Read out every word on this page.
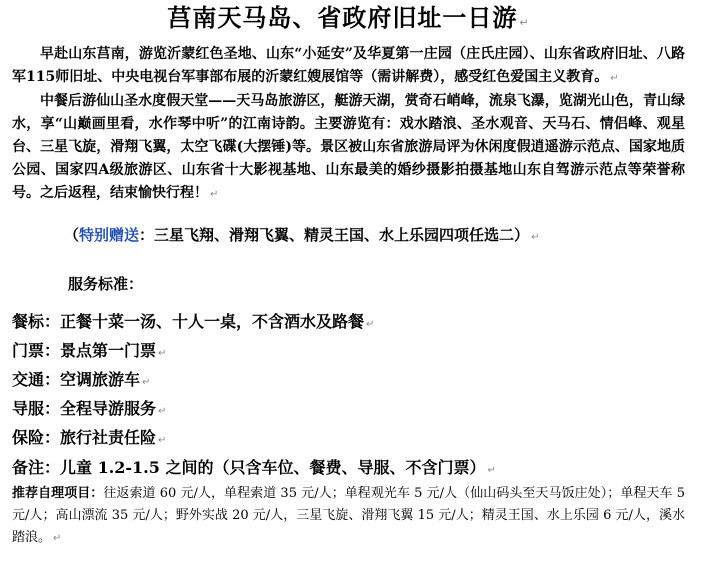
莒南天马岛、省政府旧址一日游 ↵

早赴山东莒南，游览沂蒙红色圣地、山东“小延安”及华夏第一庄园（庄氏庄园）、山东省政府旧址、八路军115师旧址、中央电视台军事部布展的沂蒙红嫂展馆等（需讲解费），感受红色爱国主义教育。 ↵

中餐后游仙山圣水度假天堂——天马岛旅游区，艇游天湖，赏奇石峭峰，流泉飞瀑，览湖光山色，青山绿水，享“山巅画里看，水作琴中听”的江南诗韵。主要游览有：戏水踏浪、圣水观音、天马石、情侣峰、观星台、三星飞旋，滑翔飞翼，太空飞碟(大摆锤)等。景区被山东省旅游局评为休闲度假逍遥游示范点、国家地质公园、国家四A级旅游区、山东省十大影视基地、山东最美的婚纱摄影拍摄基地山东自驾游示范点等荣誉称号。之后返程，结束愉快行程！ ↵

（特别赠送：三星飞翔、滑翔飞翼、精灵王国、水上乐园四项任选二） ↵

服务标准：

餐标：正餐十菜一汤、十人一桌，不含酒水及路餐 ↵
门票：景点第一门票 ↵
交通：空调旅游车 ↵
导服：全程导游服务 ↵
保险：旅行社责任险 ↵

备注：儿童 1.2-1.5 之间的（只含车位、餐费、导服、不含门票） ↵

推荐自理项目：往返索道 60 元/人，单程索道 35 元/人；单程观光车 5 元/人（仙山码头至天马饭庄处）；单程天车 5 元/人；高山漂流 35 元/人；野外实战 20 元/人，三星飞旋、滑翔飞翼 15 元/人；精灵王国、水上乐园 6 元/人，溪水踏浪。 ↵
